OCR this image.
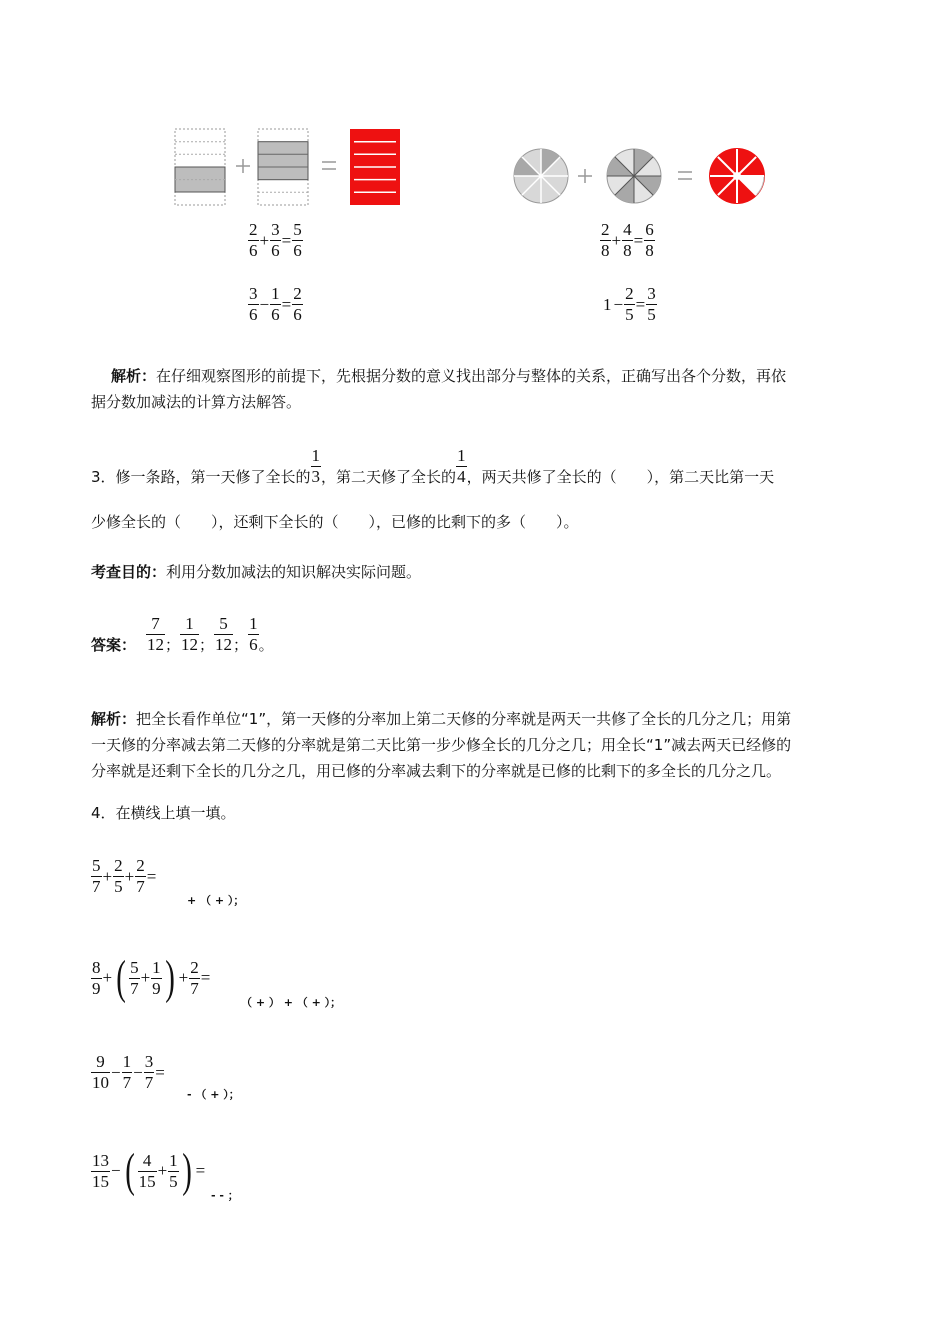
$\frac{2}{6} + \frac{3}{6} = \frac{5}{6}$
$\frac{3}{6} - \frac{1}{6} = \frac{2}{6}$
$\frac{2}{8} + \frac{4}{8} = \frac{6}{8}$
$1 - \frac{2}{5} = \frac{3}{5}$
解析：在仔细观察图形的前提下，先根据分数的意义找出部分与整体的关系，正确写出各个分数，再依
据分数加减法的计算方法解答。
3．修一条路，第一天修了全长的 $\frac{1}{3}$ ，第二天修了全长的 $\frac{1}{4}$ ，两天共修了全长的（　　），第二天比第一天
少修全长的（　　），还剩下全长的（　　），已修的比剩下的多（　　）。
考查目的：利用分数加减法的知识解决实际问题。
答案： $\frac{7}{12}$ ； $\frac{1}{12}$ ； $\frac{5}{12}$ ； $\frac{1}{6}$ 。
解析：把全长看作单位“1”，第一天修的分率加上第二天修的分率就是两天一共修了全长的几分之几；用第
一天修的分率减去第二天修的分率就是第二天比第一步少修全长的几分之几；用全长“1”减去两天已经修的
分率就是还剩下全长的几分之几，用已修的分率减去剩下的分率就是已修的比剩下的多全长的几分之几。
4．在横线上填一填。
$\frac{5}{7} + \frac{2}{5} + \frac{2}{7}$ =
+ （ + ）；
$\frac{8}{9}$ + ( $\frac{5}{7} + \frac{1}{9}$ ) + $\frac{2}{7}$ =
（ + ） + （ + ）；
$\frac{9}{10} - \frac{1}{7} - \frac{3}{7}$ =
- （ + ）；
$\frac{13}{15}$ − ( $\frac{4}{15} + \frac{1}{5}$ ) =
- - ；
